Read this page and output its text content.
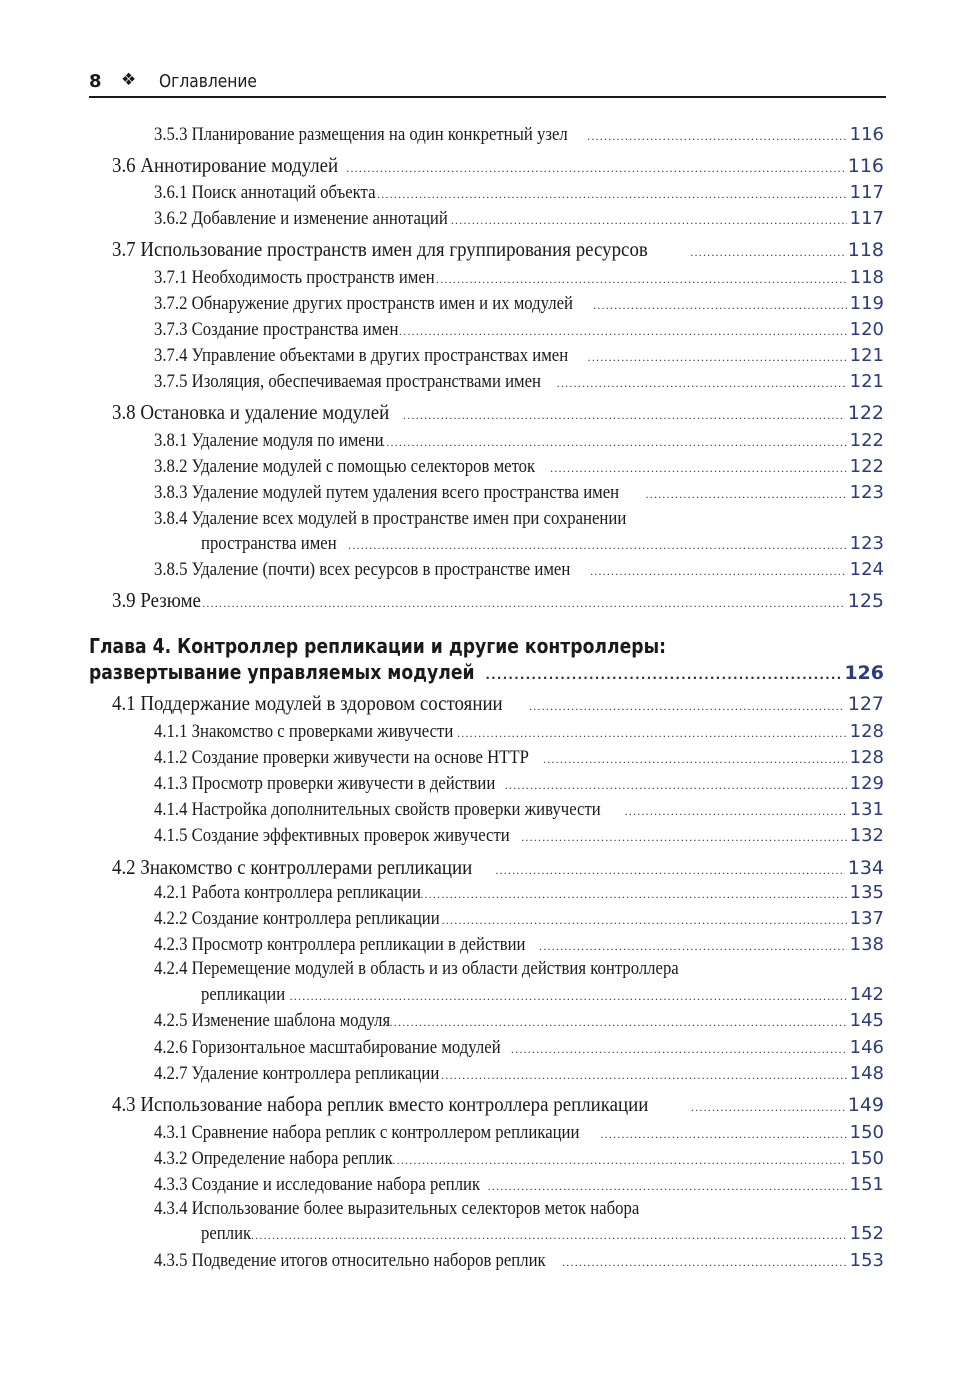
8 ❖ Оглавление
3.5.3 Планирование размещения на один конкретный узел .....	116
3.6 Аннотирование модулей .....	116
3.6.1 Поиск аннотаций объекта .....	117
3.6.2 Добавление и изменение аннотаций .....	117
3.7 Использование пространств имен для группирования ресурсов .....	118
3.7.1 Необходимость пространств имен .....	118
3.7.2 Обнаружение других пространств имен и их модулей .....	119
3.7.3 Создание пространства имен .....	120
3.7.4 Управление объектами в других пространствах имен .....	121
3.7.5 Изоляция, обеспечиваемая пространствами имен .....	121
3.8 Остановка и удаление модулей .....	122
3.8.1 Удаление модуля по имени .....	122
3.8.2 Удаление модулей с помощью селекторов меток .....	122
3.8.3 Удаление модулей путем удаления всего пространства имен .....	123
3.8.4 Удаление всех модулей в пространстве имен при сохранении
пространства имен .....	123
3.8.5 Удаление (почти) всех ресурсов в пространстве имен .....	124
3.9 Резюме .....	125
Глава 4. Контроллер репликации и другие контроллеры:
развертывание управляемых модулей .....	126
4.1 Поддержание модулей в здоровом состоянии .....	127
4.1.1 Знакомство с проверками живучести .....	128
4.1.2 Создание проверки живучести на основе HTTP .....	128
4.1.3 Просмотр проверки живучести в действии .....	129
4.1.4 Настройка дополнительных свойств проверки живучести .....	131
4.1.5 Создание эффективных проверок живучести .....	132
4.2 Знакомство с контроллерами репликации .....	134
4.2.1 Работа контроллера репликации .....	135
4.2.2 Создание контроллера репликации .....	137
4.2.3 Просмотр контроллера репликации в действии .....	138
4.2.4 Перемещение модулей в область и из области действия контроллера
репликации .....	142
4.2.5 Изменение шаблона модуля .....	145
4.2.6 Горизонтальное масштабирование модулей .....	146
4.2.7 Удаление контроллера репликации .....	148
4.3 Использование набора реплик вместо контроллера репликации .....	149
4.3.1 Сравнение набора реплик с контроллером репликации .....	150
4.3.2 Определение набора реплик .....	150
4.3.3 Создание и исследование набора реплик .....	151
4.3.4 Использование более выразительных селекторов меток набора
реплик .....	152
4.3.5 Подведение итогов относительно наборов реплик .....	153
